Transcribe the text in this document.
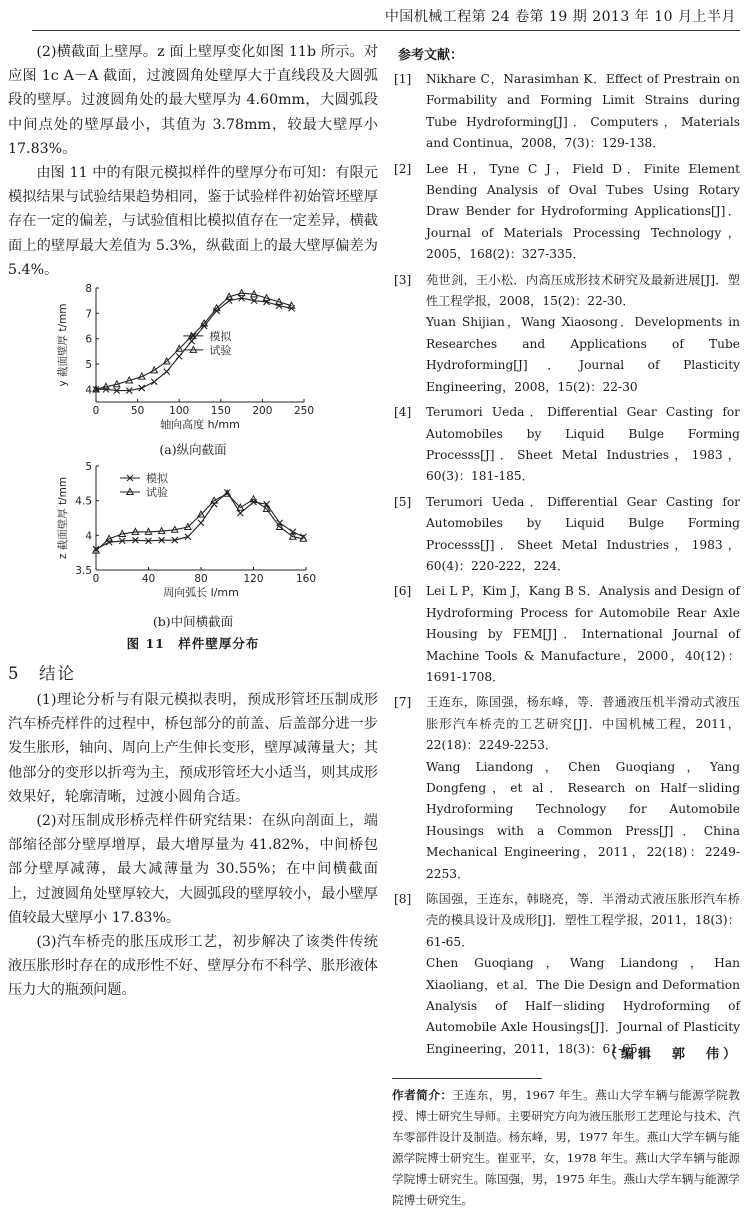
中国机械工程第 24 卷第 19 期 2013 年 10 月上半月

(2)横截面上壁厚。z 面上壁厚变化如图 11b 所示。对应图 1c A－A 截面，过渡圆角处壁厚大于直线段及大圆弧段的壁厚。过渡圆角处的最大壁厚为 4.60mm，大圆弧段中间点处的壁厚最小，其值为 3.78mm，较最大壁厚小 17.83%。

由图 11 中的有限元模拟样件的壁厚分布可知：有限元模拟结果与试验结果趋势相同，鉴于试验样件初始管坯壁厚存在一定的偏差，与试验值相比模拟值存在一定差异，横截面上的壁厚最大差值为 5.3%，纵截面上的最大壁厚偏差为 5.4%。

0	50 100 150 200 250
4
5
6
7
8
轴向高度 h/mm
y 截面壁厚 t/mm	模拟
试验
(a)纵向截面
0	40	80	120	160
3.5
4
4.5
5
周向弧长 l/mm
z 截面壁厚 t/mm	模拟
试验
(b)中间横截面
图 11　样件壁厚分布
5　结论

(1)理论分析与有限元模拟表明，预成形管坯压制成形汽车桥壳样件的过程中，桥包部分的前盖、后盖部分进一步发生胀形，轴向、周向上产生伸长变形，壁厚减薄量大；其他部分的变形以折弯为主，预成形管坯大小适当，则其成形效果好，轮廓清晰，过渡小圆角合适。

(2)对压制成形桥壳样件研究结果：在纵向剖面上，端部缩径部分壁厚增厚，最大增厚量为 41.82%，中间桥包部分壁厚减薄，最大减薄量为 30.55%；在中间横截面上，过渡圆角处壁厚较大，大圆弧段的壁厚较小，最小壁厚值较最大壁厚小 17.83%。

(3)汽车桥壳的胀压成形工艺，初步解决了该类件传统液压胀形时存在的成形性不好、壁厚分布不科学、胀形液体压力大的瓶颈问题。

参考文献：
[1]	Nikhare C，Narasimhan K．Effect of Prestrain on Formability and Forming Limit Strains during Tube Hydroforming[J]．Computers，Materials and Continua，2008，7(3)：129-138．
[2]	Lee H，Tyne C J，Field D．Finite Element Bending Analysis of Oval Tubes Using Rotary Draw Bender for Hydroforming Applications[J]．Journal of Materials Processing Technology，2005，168(2)：327-335．
[3]	苑世剑，王小松．内高压成形技术研究及最新进展[J]．塑性工程学报，2008，15(2)：22-30．
Yuan Shijian，Wang Xiaosong．Developments in Researches and Applications of Tube Hydroforming[J]．Journal of Plasticity Engineering，2008，15(2)：22-30
[4]	Terumori Ueda．Differential Gear Casting for Automobiles by Liquid Bulge Forming Processs[J]．Sheet Metal Industries，1983，60(3)：181-185．
[5]	Terumori Ueda．Differential Gear Casting for Automobiles by Liquid Bulge Forming Processs[J]．Sheet Metal Industries，1983，60(4)：220-222，224．
[6]	Lei L P，Kim J，Kang B S．Analysis and Design of Hydroforming Process for Automobile Rear Axle Housing by FEM[J]．International Journal of Machine Tools & Manufacture，2000，40(12)：1691-1708．
[7]	王连东，陈国强，杨东峰，等．普通液压机半滑动式液压胀形汽车桥壳的工艺研究[J]．中国机械工程，2011，22(18)：2249-2253．
Wang Liandong，Chen Guoqiang，Yang Dongfeng，et al．Research on Half－sliding Hydroforming Technology for Automobile Housings with a Common Press[J]．China Mechanical Engineering，2011，22(18)：2249-2253．
[8]	陈国强，王连东，韩晓亮，等．半滑动式液压胀形汽车桥壳的模具设计及成形[J]．塑性工程学报，2011，18(3)：61-65．
Chen Guoqiang，Wang Liandong，Han Xiaoliang，et al．The Die Design and Deformation Analysis of Half－sliding Hydroforming of Automobile Axle Housings[J]．Journal of Plasticity Engineering，2011，18(3)：61-65．
（编辑　郭　伟）

作者简介：王连东，男，1967 年生。燕山大学车辆与能源学院教授、博士研究生导师。主要研究方向为液压胀形工艺理论与技术、汽车零部件设计及制造。杨东峰，男，1977 年生。燕山大学车辆与能源学院博士研究生。崔亚平，女，1978 年生。燕山大学车辆与能源学院博士研究生。陈国强，男，1975 年生。燕山大学车辆与能源学院博士研究生。
